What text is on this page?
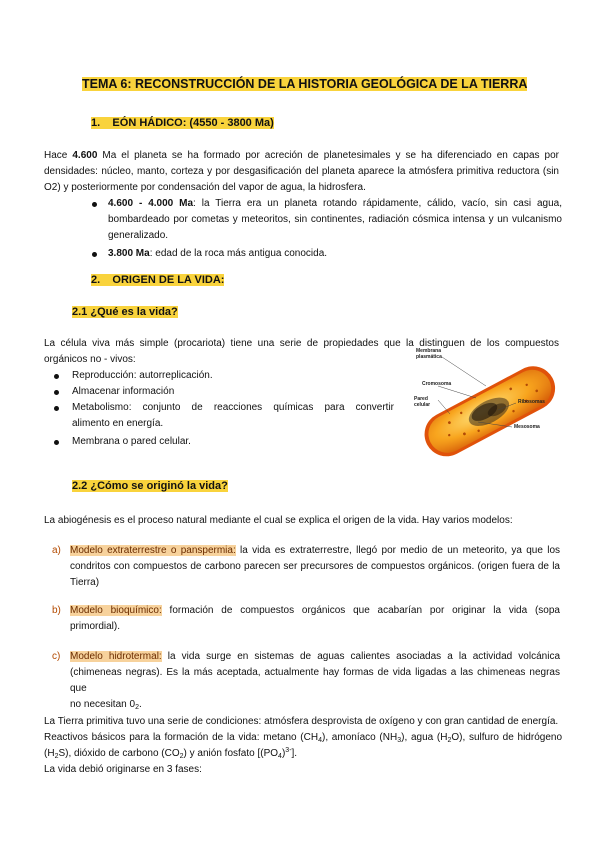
TEMA 6: RECONSTRUCCIÓN DE LA HISTORIA GEOLÓGICA DE LA TIERRA
1. EÓN HÁDICO: (4550 - 3800 Ma)
Hace 4.600 Ma el planeta se ha formado por acreción de planetesimales y se ha diferenciado en capas por
densidades: núcleo, manto, corteza y por desgasificación del planeta aparece la atmósfera primitiva reductora (sin
O2) y posteriormente por condensación del vapor de agua, la hidrosfera.
4.600 - 4.000 Ma: la Tierra era un planeta rotando rápidamente, cálido, vacío, sin casi agua,
bombardeado por cometas y meteoritos, sin continentes, radiación cósmica intensa y un vulcanismo
generalizado.
3.800 Ma: edad de la roca más antigua conocida.
2. ORIGEN DE LA VIDA:
2.1 ¿Qué es la vida?
La célula viva más simple (procariota) tiene una serie de propiedades que la distinguen de los compuestos
orgánicos no - vivos:
Reproducción: autorreplicación.
Almacenar información
Metabolismo: conjunto de reacciones químicas para convertir
alimento en energía.
Membrana o pared celular.
Membrana
plasmática
Cromosoma
Pared
celular	Ribosomas
Mesosoma
2.2 ¿Cómo se originó la vida?
La abiogénesis es el proceso natural mediante el cual se explica el origen de la vida. Hay varios modelos:
a) Modelo extraterrestre o panspermia: la vida es extraterrestre, llegó por medio de un meteorito, ya que los
condritos con compuestos de carbono parecen ser precursores de compuestos orgánicos. (origen fuera de la
Tierra)
b) Modelo bioquímico: formación de compuestos orgánicos que acabarían por originar la vida (sopa
primordial).
c) Modelo hidrotermal: la vida surge en sistemas de aguas calientes asociadas a la actividad volcánica
(chimeneas negras). Es la más aceptada, actualmente hay formas de vida ligadas a las chimeneas negras que
no necesitan $0_2$.
La Tierra primitiva tuvo una serie de condiciones: atmósfera desprovista de oxígeno y con gran cantidad de energía.
Reactivos básicos para la formación de la vida: metano $(CH_4)$, amoníaco $(NH_3)$, agua $(H_2O)$, sulfuro de hidrógeno
$(H_2S)$, dióxido de carbono $(CO_2)$ y anión fosfato $[(PO_4)^{3-}]$.
La vida debió originarse en 3 fases:
